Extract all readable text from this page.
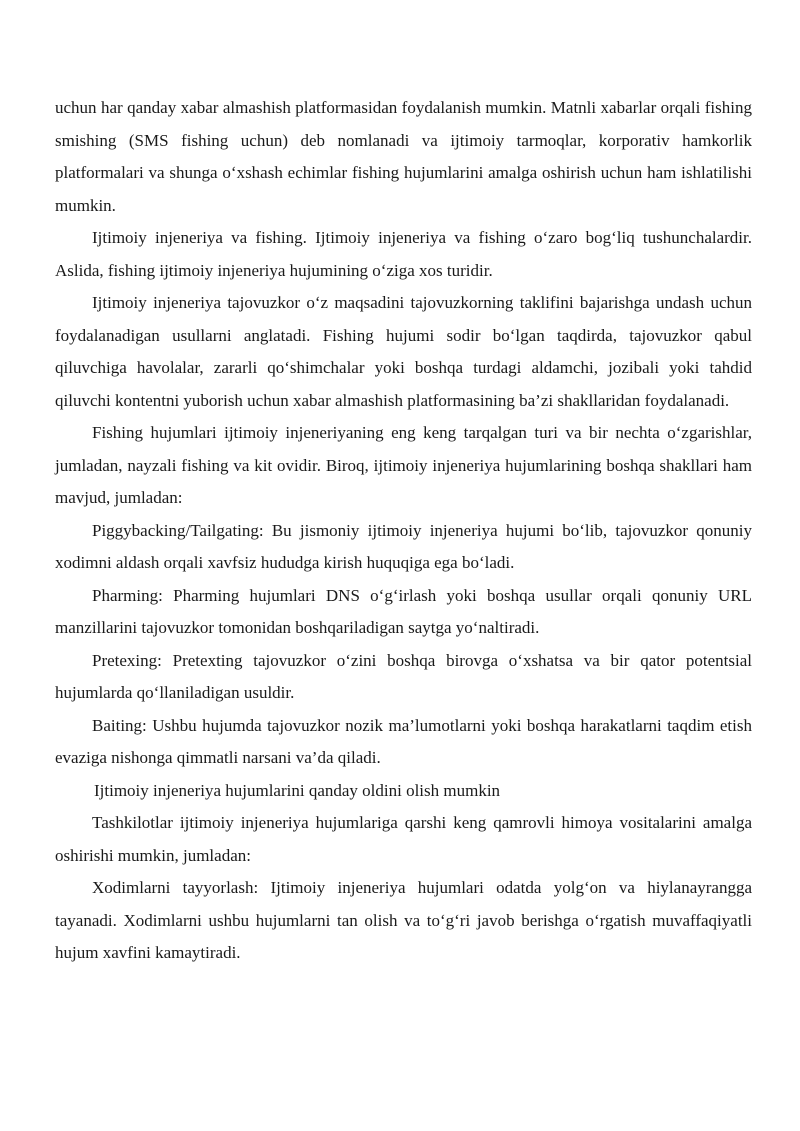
uchun har qanday xabar almashish platformasidan foydalanish mumkin. Matnli xabarlar orqali fishing smishing (SMS fishing uchun) deb nomlanadi va ijtimoiy tarmoqlar, korporativ hamkorlik platformalari va shunga o‘xshash echimlar fishing hujumlarini amalga oshirish uchun ham ishlatilishi mumkin.

Ijtimoiy injeneriya va fishing. Ijtimoiy injeneriya va fishing o‘zaro bog‘liq tushunchalardir. Aslida, fishing ijtimoiy injeneriya hujumining o‘ziga xos turidir.

Ijtimoiy injeneriya tajovuzkor o‘z maqsadini tajovuzkorning taklifini bajarishga undash uchun foydalanadigan usullarni anglatadi. Fishing hujumi sodir bo‘lgan taqdirda, tajovuzkor qabul qiluvchiga havolalar, zararli qo‘shimchalar yoki boshqa turdagi aldamchi, jozibali yoki tahdid qiluvchi kontentni yuborish uchun xabar almashish platformasining ba’zi shakllaridan foydalanadi.

Fishing hujumlari ijtimoiy injeneriyaning eng keng tarqalgan turi va bir nechta o‘zgarishlar, jumladan, nayzali fishing va kit ovidir. Biroq, ijtimoiy injeneriya hujumlarining boshqa shakllari ham mavjud, jumladan:

Piggybacking/Tailgating: Bu jismoniy ijtimoiy injeneriya hujumi bo‘lib, tajovuzkor qonuniy xodimni aldash orqali xavfsiz hududga kirish huquqiga ega bo‘ladi.

Pharming: Pharming hujumlari DNS o‘g‘irlash yoki boshqa usullar orqali qonuniy URL manzillarini tajovuzkor tomonidan boshqariladigan saytga yo‘naltiradi.

Pretexing: Pretexting tajovuzkor o‘zini boshqa birovga o‘xshatsa va bir qator potentsial hujumlarda qo‘llaniladigan usuldir.

Baiting: Ushbu hujumda tajovuzkor nozik ma’lumotlarni yoki boshqa harakatlarni taqdim etish evaziga nishonga qimmatli narsani va’da qiladi.

Ijtimoiy injeneriya hujumlarini qanday oldini olish mumkin

Tashkilotlar ijtimoiy injeneriya hujumlariga qarshi keng qamrovli himoya vositalarini amalga oshirishi mumkin, jumladan:

Xodimlarni tayyorlash: Ijtimoiy injeneriya hujumlari odatda yolg‘on va hiylanayrangga tayanadi. Xodimlarni ushbu hujumlarni tan olish va to‘g‘ri javob berishga o‘rgatish muvaffaqiyatli hujum xavfini kamaytiradi.
